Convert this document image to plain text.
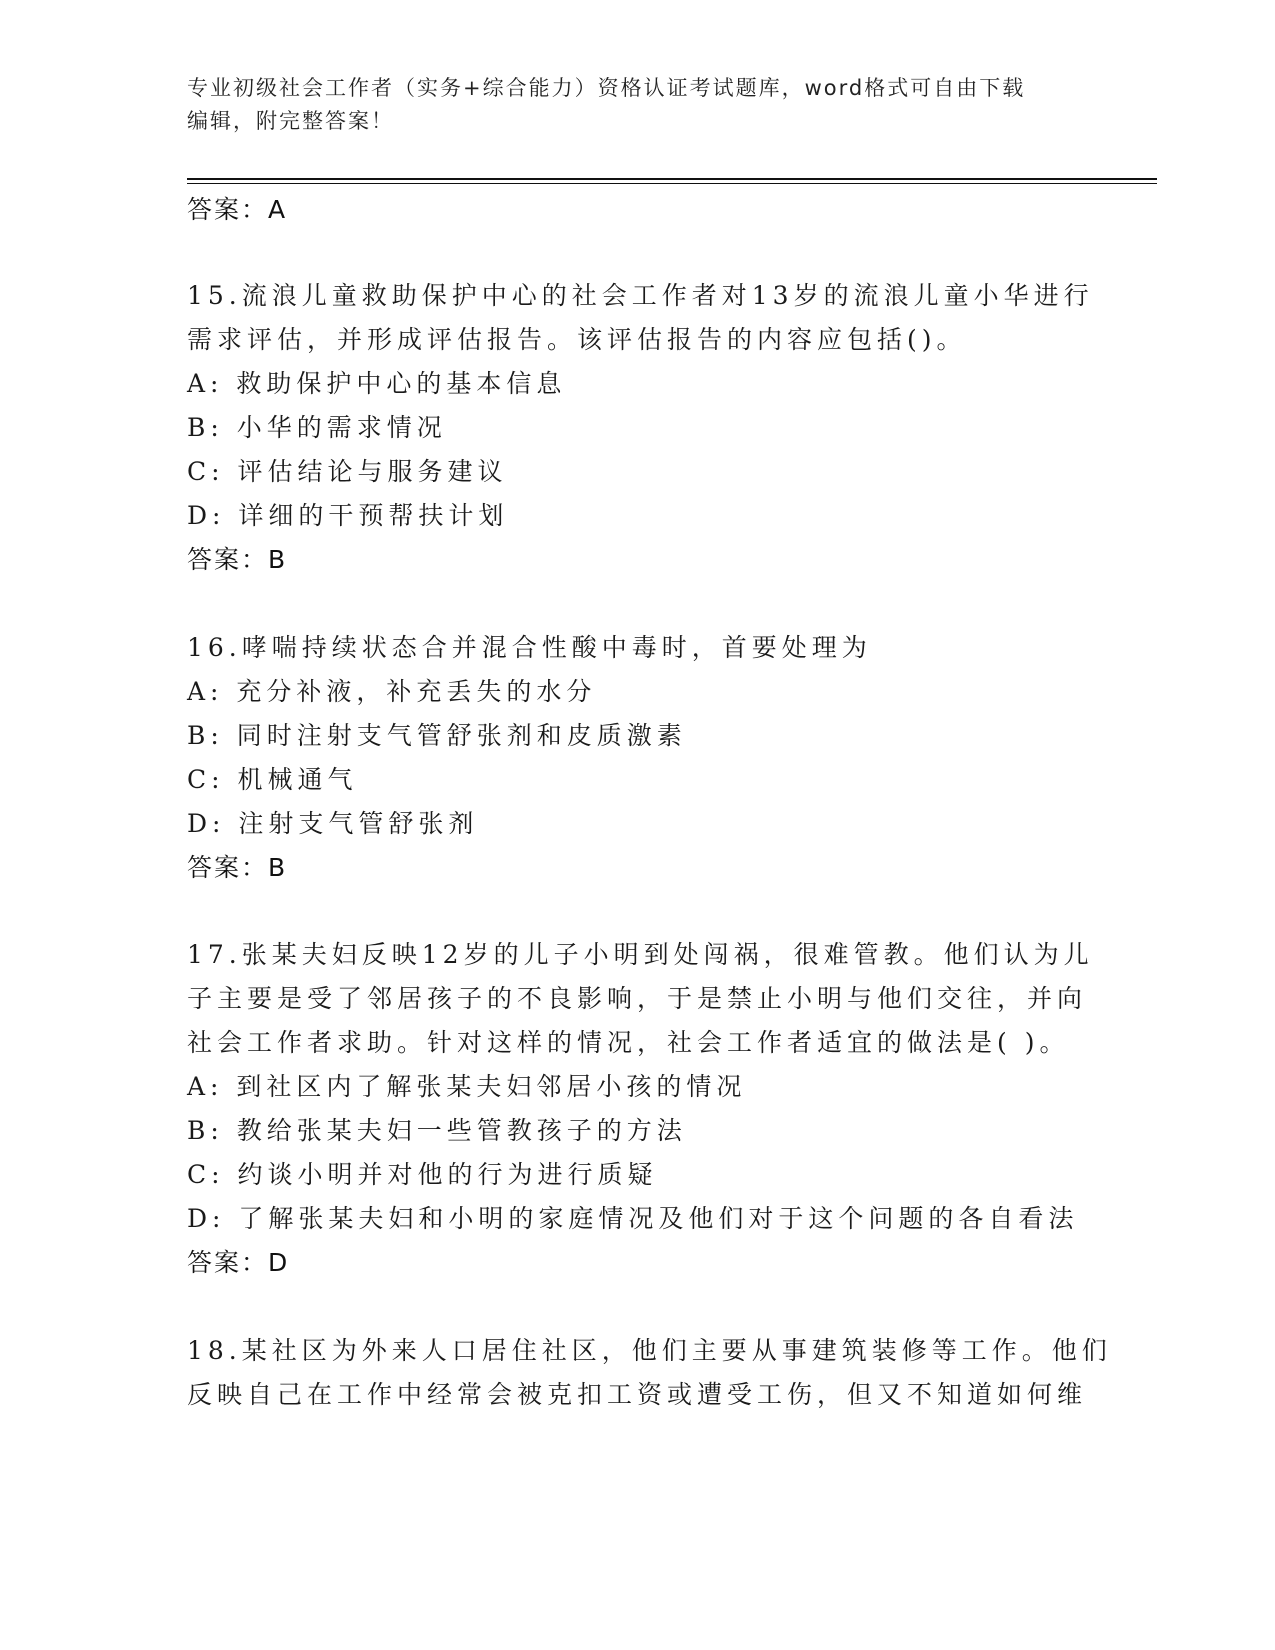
专业初级社会工作者（实务+综合能力）资格认证考试题库，word格式可自由下载
编辑，附完整答案！
答案：A
15.流浪儿童救助保护中心的社会工作者对13岁的流浪儿童小华进行
需求评估，并形成评估报告。该评估报告的内容应包括()。
A: 救助保护中心的基本信息
B: 小华的需求情况
C: 评估结论与服务建议
D: 详细的干预帮扶计划
答案：B
16.哮喘持续状态合并混合性酸中毒时，首要处理为
A: 充分补液，补充丢失的水分
B: 同时注射支气管舒张剂和皮质激素
C: 机械通气
D: 注射支气管舒张剂
答案：B
17.张某夫妇反映12岁的儿子小明到处闯祸，很难管教。他们认为儿
子主要是受了邻居孩子的不良影响，于是禁止小明与他们交往，并向
社会工作者求助。针对这样的情况，社会工作者适宜的做法是( )。
A: 到社区内了解张某夫妇邻居小孩的情况
B: 教给张某夫妇一些管教孩子的方法
C: 约谈小明并对他的行为进行质疑
D: 了解张某夫妇和小明的家庭情况及他们对于这个问题的各自看法
答案：D
18.某社区为外来人口居住社区，他们主要从事建筑装修等工作。他们
反映自己在工作中经常会被克扣工资或遭受工伤，但又不知道如何维
